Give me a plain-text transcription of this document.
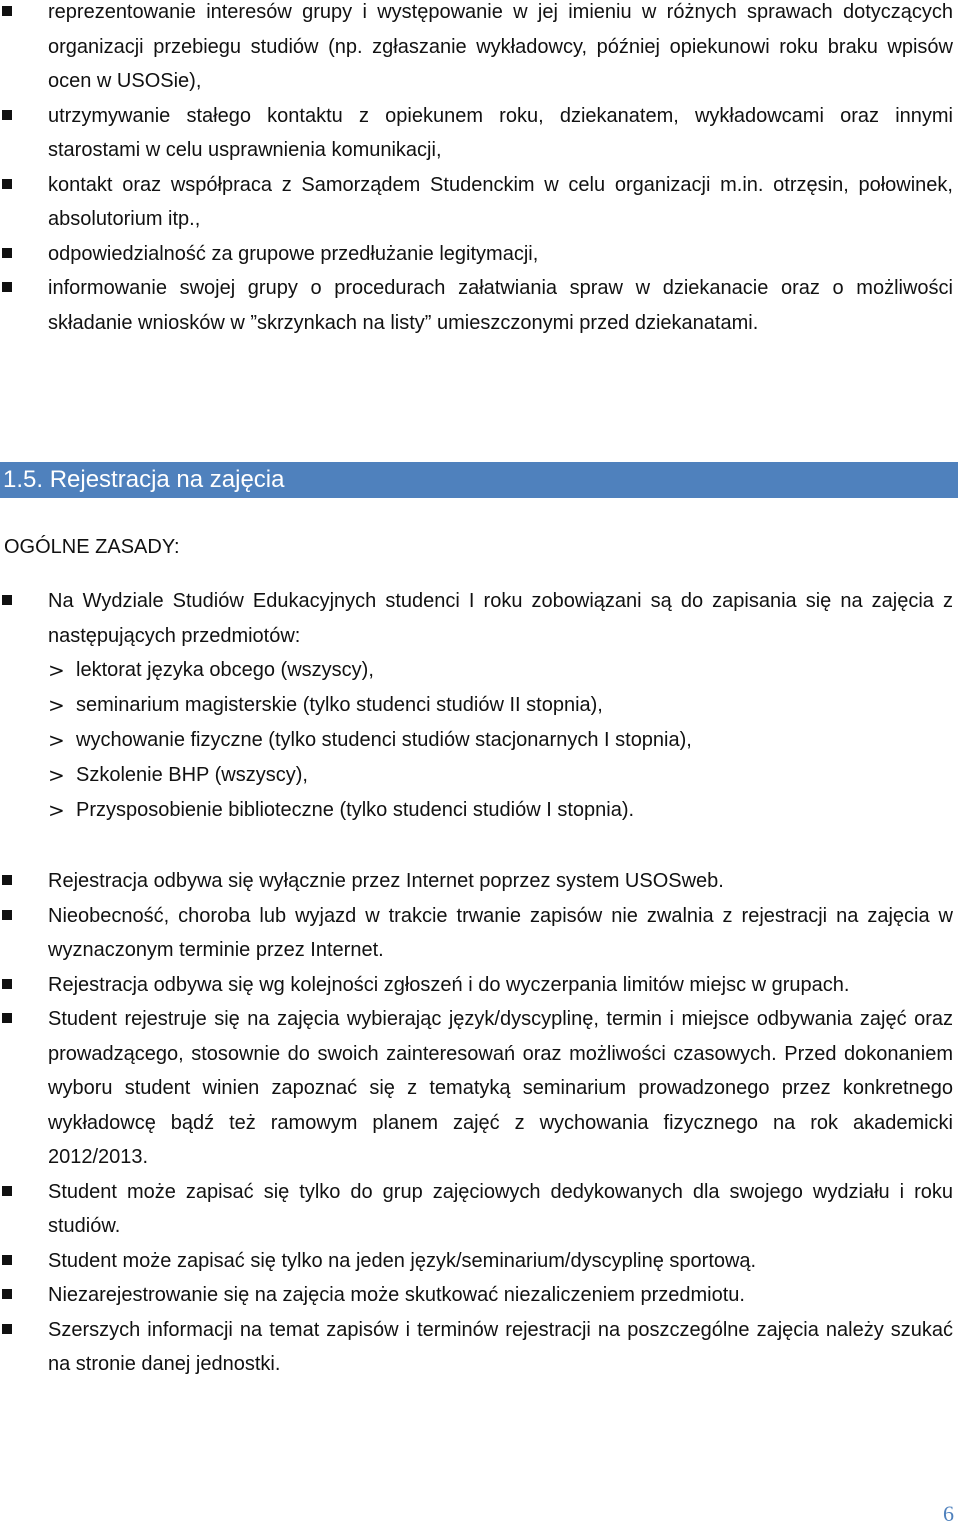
reprezentowanie interesów grupy i występowanie w jej imieniu w różnych sprawach dotyczących organizacji przebiegu studiów (np. zgłaszanie wykładowcy, później opiekunowi roku braku wpisów ocen w USOSie),
utrzymywanie stałego kontaktu z opiekunem roku, dziekanatem, wykładowcami oraz innymi starostami w celu usprawnienia komunikacji,
kontakt oraz współpraca z Samorządem Studenckim w celu organizacji m.in. otrzęsin, połowinek, absolutorium itp.,
odpowiedzialność za grupowe przedłużanie legitymacji,
informowanie swojej grupy o procedurach załatwiania spraw w dziekanacie oraz o możliwości składanie wniosków w ”skrzynkach na listy” umieszczonymi przed dziekanatami.
1.5. Rejestracja na zajęcia
OGÓLNE ZASADY:
Na Wydziale Studiów Edukacyjnych studenci I roku zobowiązani są do zapisania się na zajęcia z następujących przedmiotów:
> lektorat języka obcego (wszyscy),
> seminarium magisterskie (tylko studenci studiów II stopnia),
> wychowanie fizyczne (tylko studenci studiów stacjonarnych I stopnia),
> Szkolenie BHP (wszyscy),
> Przysposobienie biblioteczne (tylko studenci studiów I stopnia).
Rejestracja odbywa się wyłącznie przez Internet poprzez system USOSweb.
Nieobecność, choroba lub wyjazd w trakcie trwanie zapisów nie zwalnia z rejestracji na zajęcia w wyznaczonym terminie przez Internet.
Rejestracja odbywa się wg kolejności zgłoszeń i do wyczerpania limitów miejsc w grupach.
Student rejestruje się na zajęcia wybierając język/dyscyplinę, termin i miejsce odbywania zajęć oraz prowadzącego, stosownie do swoich zainteresowań oraz możliwości czasowych. Przed dokonaniem wyboru student winien zapoznać się z tematyką seminarium prowadzonego przez konkretnego wykładowcę bądź też ramowym planem zajęć z wychowania fizycznego na rok akademicki 2012/2013.
Student może zapisać się tylko do grup zajęciowych dedykowanych dla swojego wydziału i roku studiów.
Student może zapisać się tylko na jeden język/seminarium/dyscyplinę sportową.
Niezarejestrowanie się na zajęcia może skutkować niezaliczeniem przedmiotu.
Szerszych informacji na temat zapisów i terminów rejestracji na poszczególne zajęcia należy szukać na stronie danej jednostki.
6
